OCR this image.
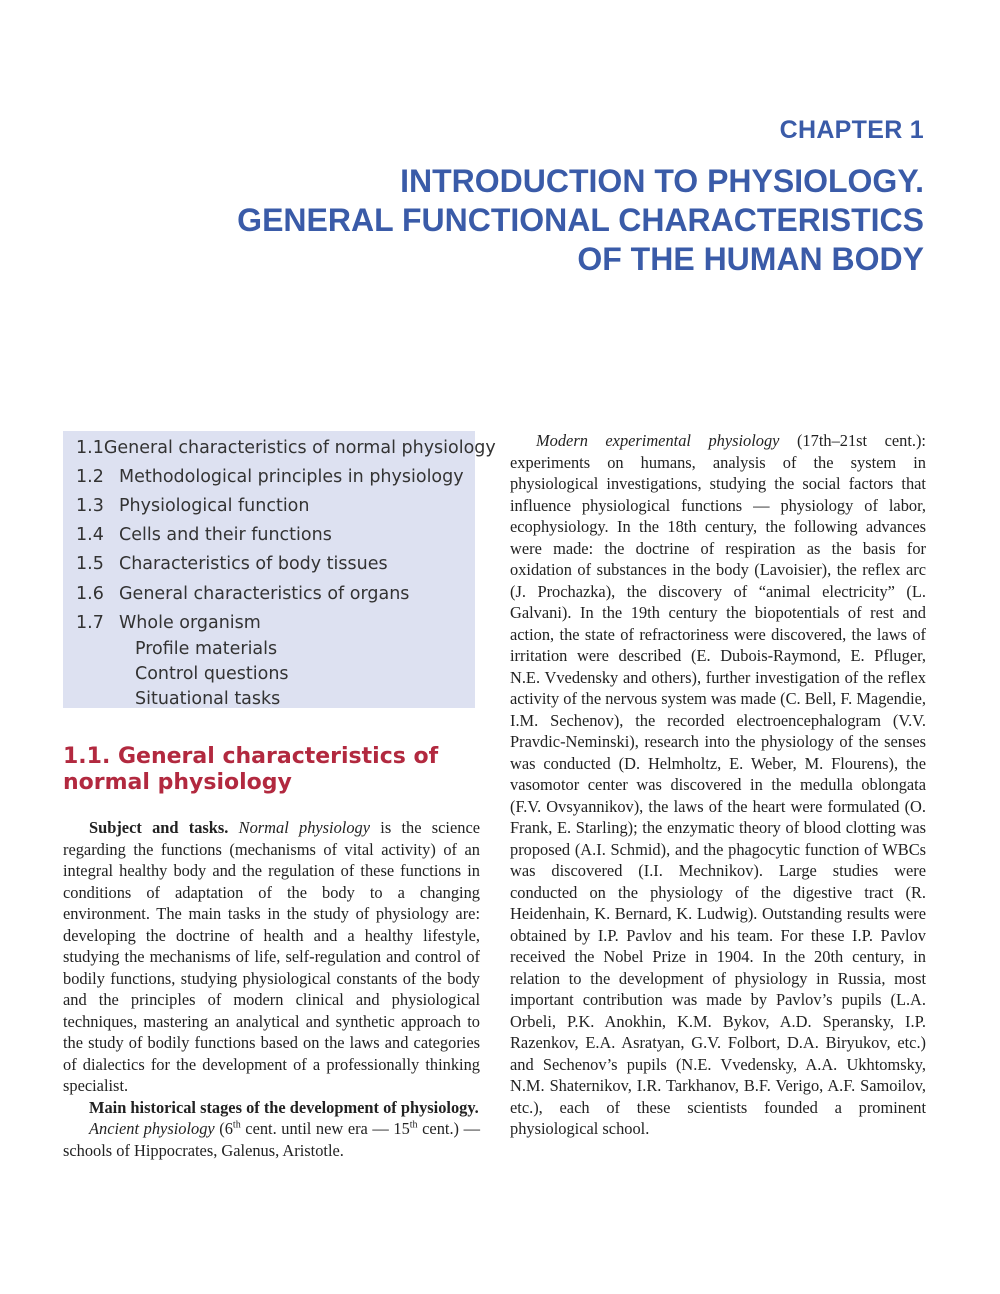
CHAPTER 1
INTRODUCTION TO PHYSIOLOGY.
GENERAL FUNCTIONAL CHARACTERISTICS
OF THE HUMAN BODY
1.1 General characteristics of normal physiology
1.2 Methodological principles in physiology
1.3 Physiological function
1.4 Cells and their functions
1.5 Characteristics of body tissues
1.6 General characteristics of organs
1.7 Whole organism
Profile materials
Control questions
Situational tasks
1.1. General characteristics of normal physiology

Subject and tasks. Normal physiology is the science regarding the functions (mechanisms of vital activity) of an integral healthy body and the regulation of these functions in conditions of adaptation of the body to a changing environment. The main tasks in the study of physiology are: developing the doctrine of health and a healthy lifestyle, studying the mechanisms of life, self-regulation and control of bodily functions, studying physiological constants of the body and the principles of modern clinical and physiological techniques, mastering an analytical and synthetic approach to the study of bodily functions based on the laws and categories of dialectics for the development of a professionally thinking specialist.

Main historical stages of the development of physiology.

Ancient physiology (6th cent. until new era — 15th cent.) — schools of Hippocrates, Galenus, Aristotle.

Modern experimental physiology (17th–21st cent.): experiments on humans, analysis of the system in physiological investigations, studying the social factors that influence physiological functions — physiology of labor, ecophysiology. In the 18th century, the following advances were made: the doctrine of respiration as the basis for oxidation of substances in the body (Lavoisier), the reflex arc (J. Prochazka), the discovery of “animal electricity” (L. Galvani). In the 19th century the biopotentials of rest and action, the state of refractoriness were discovered, the laws of irritation were described (E. Dubois-Raymond, E. Pfluger, N.E. Vvedensky and others), further investigation of the reflex activity of the nervous system was made (C. Bell, F. Magendie, I.M. Sechenov), the recorded electroencephalogram (V.V. Pravdic-Neminski), research into the physiology of the senses was conducted (D. Helmholtz, E. Weber, M. Flourens), the vasomotor center was discovered in the medulla oblongata (F.V. Ovsyannikov), the laws of the heart were formulated (O. Frank, E. Starling); the enzymatic theory of blood clotting was proposed (A.I. Schmid), and the phagocytic function of WBCs was discovered (I.I. Mechnikov). Large studies were conducted on the physiology of the digestive tract (R. Heidenhain, K. Bernard, K. Ludwig). Outstanding results were obtained by I.P. Pavlov and his team. For these I.P. Pavlov received the Nobel Prize in 1904. In the 20th century, in relation to the development of physiology in Russia, most important contribution was made by Pavlov’s pupils (L.A. Orbeli, P.K. Anokhin, K.M. Bykov, A.D. Speransky, I.P. Razenkov, E.A. Asratyan, G.V. Folbort, D.A. Biryukov, etc.) and Sechenov’s pupils (N.E. Vvedensky, A.A. Ukhtomsky, N.M. Shaternikov, I.R. Tarkhanov, B.F. Verigo, A.F. Samoilov, etc.), each of these scientists founded a prominent physiological school.
